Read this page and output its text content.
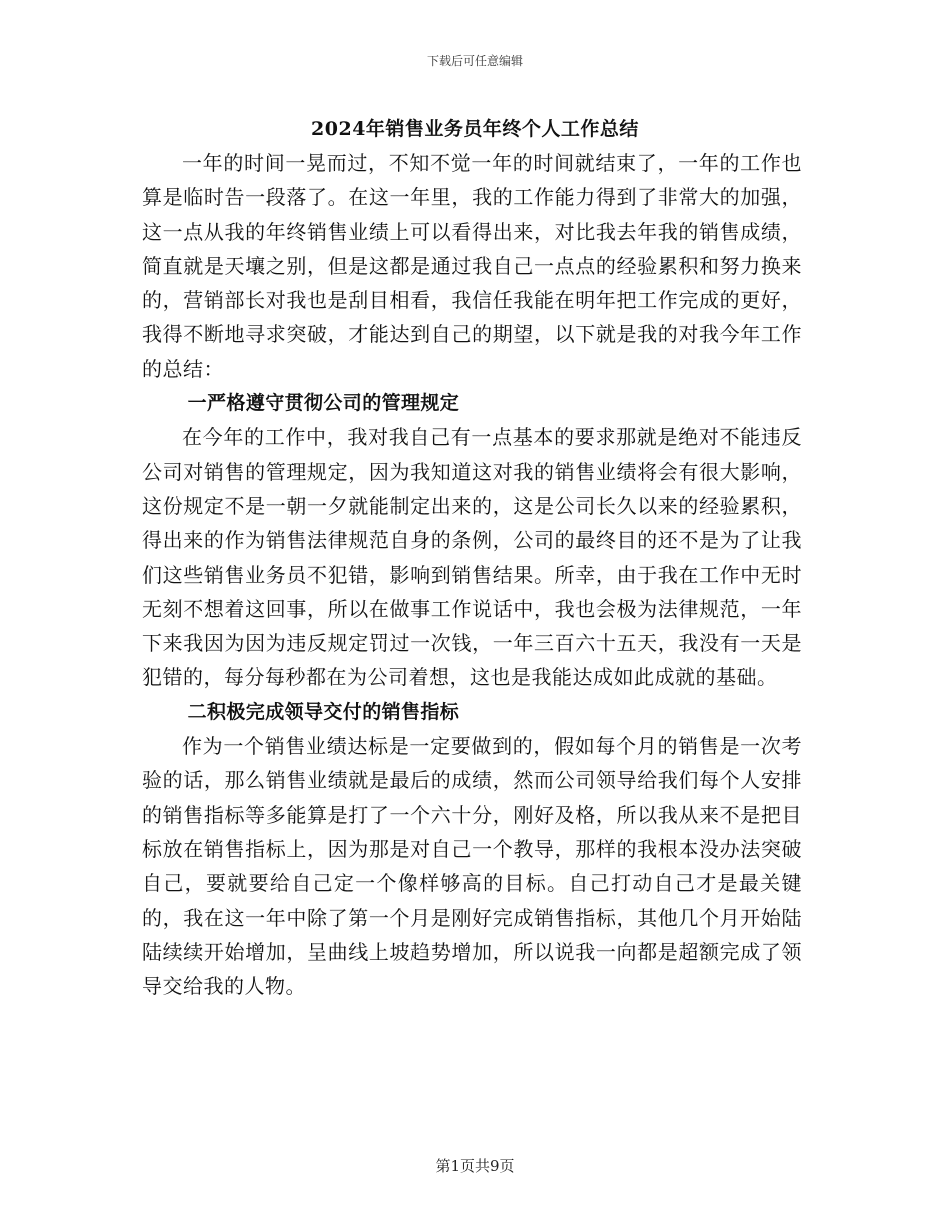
下载后可任意编辑
2024年销售业务员年终个人工作总结

一年的时间一晃而过，不知不觉一年的时间就结束了，一年的工作也算是临时告一段落了。在这一年里，我的工作能力得到了非常大的加强，这一点从我的年终销售业绩上可以看得出来，对比我去年我的销售成绩，简直就是天壤之别，但是这都是通过我自己一点点的经验累积和努力换来的，营销部长对我也是刮目相看，我信任我能在明年把工作完成的更好，我得不断地寻求突破，才能达到自己的期望，以下就是我的对我今年工作的总结：

一严格遵守贯彻公司的管理规定

在今年的工作中，我对我自己有一点基本的要求那就是绝对不能违反公司对销售的管理规定，因为我知道这对我的销售业绩将会有很大影响，这份规定不是一朝一夕就能制定出来的，这是公司长久以来的经验累积，得出来的作为销售法律规范自身的条例，公司的最终目的还不是为了让我们这些销售业务员不犯错，影响到销售结果。所幸，由于我在工作中无时无刻不想着这回事，所以在做事工作说话中，我也会极为法律规范，一年下来我因为因为违反规定罚过一次钱，一年三百六十五天，我没有一天是犯错的，每分每秒都在为公司着想，这也是我能达成如此成就的基础。

二积极完成领导交付的销售指标

作为一个销售业绩达标是一定要做到的，假如每个月的销售是一次考验的话，那么销售业绩就是最后的成绩，然而公司领导给我们每个人安排的销售指标等多能算是打了一个六十分，刚好及格，所以我从来不是把目标放在销售指标上，因为那是对自己一个教导，那样的我根本没办法突破自己，要就要给自己定一个像样够高的目标。自己打动自己才是最关键的，我在这一年中除了第一个月是刚好完成销售指标，其他几个月开始陆陆续续开始增加，呈曲线上坡趋势增加，所以说我一向都是超额完成了领导交给我的人物。

第1页共9页
